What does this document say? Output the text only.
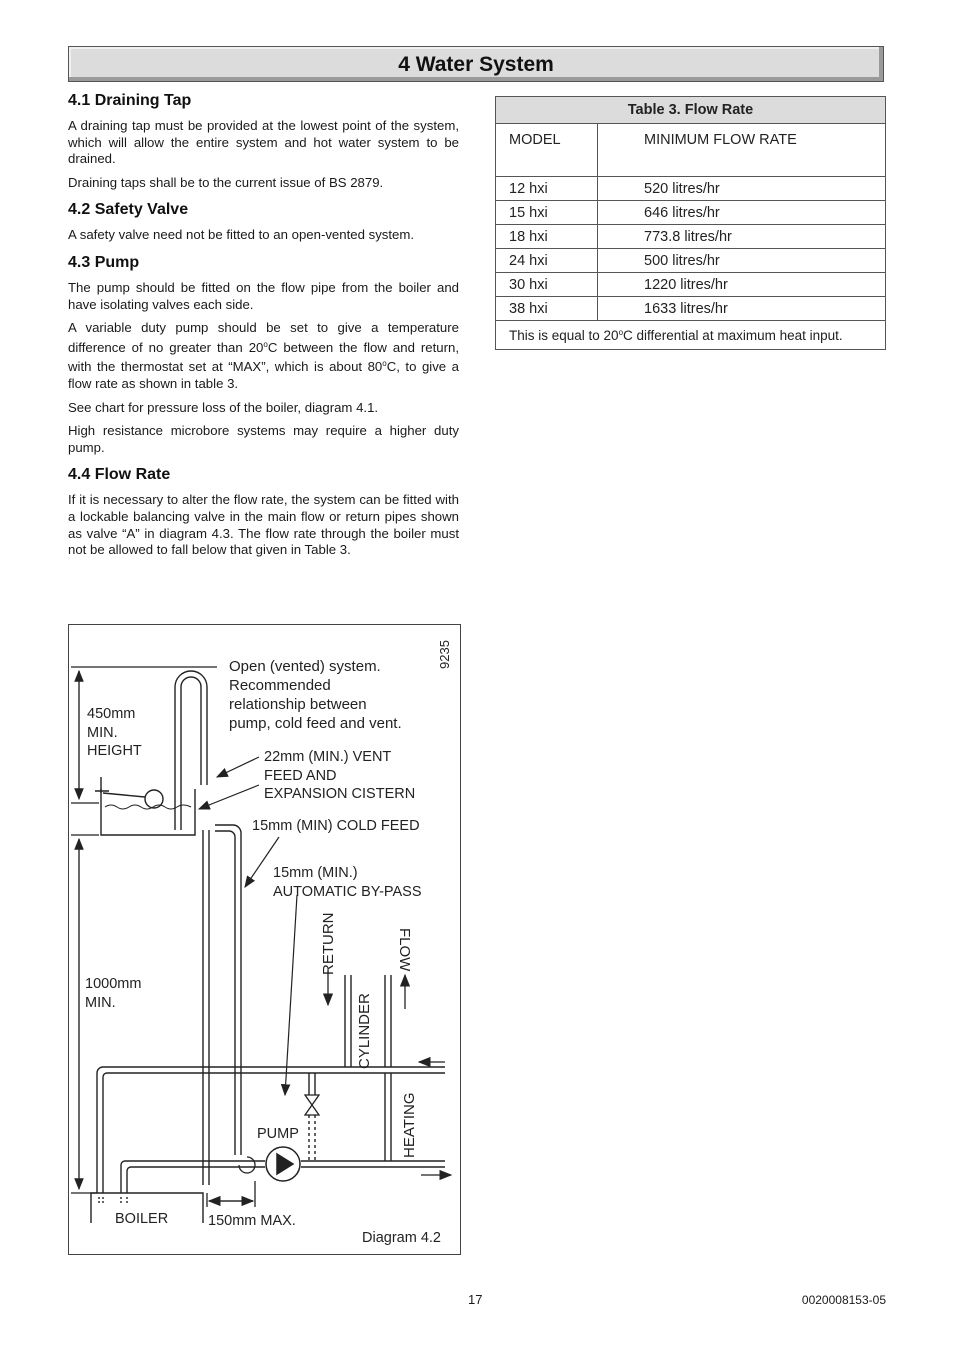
4 Water System
4.1 Draining Tap

A draining tap must be provided at the lowest point of the system, which will allow the entire system and hot water system to be drained.

Draining taps shall be to the current issue of BS 2879.

4.2 Safety Valve

A safety valve need not be fitted to an open-vented system.

4.3 Pump

The pump should be fitted on the flow pipe from the boiler and have isolating valves each side.

A variable duty pump should be set to give a temperature difference of no greater than 20$^o$C between the flow and return, with the thermostat set at “MAX”, which is about 80$^o$C, to give a flow rate as shown in table 3.

See chart for pressure loss of the boiler, diagram 4.1.

High resistance microbore systems may require a higher duty pump.

4.4 Flow Rate

If it is necessary to alter the flow rate, the system can be fitted with a lockable balancing valve in the main flow or return pipes shown as valve “A” in diagram 4.3. The flow rate through the boiler must not be allowed to fall below that given in Table 3.

Table 3. Flow Rate	
MODEL	MINIMUM FLOW RATE
12 hxi	520 litres/hr
15 hxi	646 litres/hr
18 hxi	773.8 litres/hr
24 hxi	500 litres/hr
30 hxi	1220 litres/hr
38 hxi	1633 litres/hr
This is equal to 20$^o$C differential at maximum heat input.	
9235
Open (vented) system.
Recommended
relationship between
pump, cold feed and vent.
450mm
MIN.
HEIGHT	22mm (MIN.) VENT
FEED AND
EXPANSION CISTERN
15mm (MIN) COLD FEED
15mm (MIN.)
AUTOMATIC BY-PASS
1000mm
MIN.
RETURN	FLOW
CYLINDER
HEATING
PUMP
BOILER	150mm MAX.
Diagram 4.2
17	0020008153-05
